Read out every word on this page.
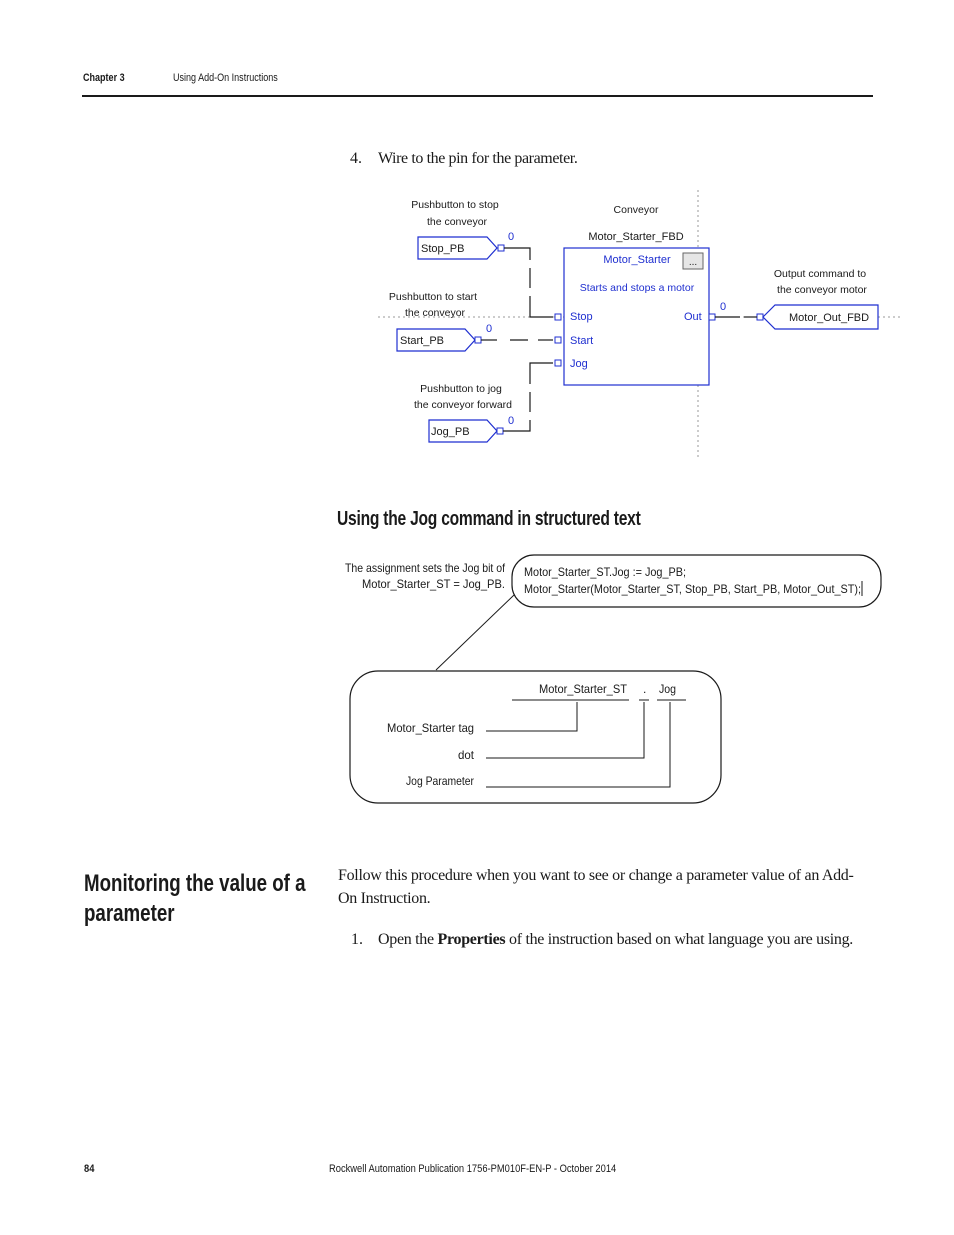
Chapter 3	Using Add-On Instructions
4. Wire to the pin for the parameter.
Pushbutton to stop
the conveyor
Stop_PB
0
Pushbutton to start
the conveyor
Start_PB
0
Pushbutton to jog
the conveyor forward
Jog_PB
0
Conveyor
Motor_Starter_FBD
Motor_Starter ...
Starts and stops a motor
Stop
Start
Jog
Out
0
Output command to
the conveyor motor
Motor_Out_FBD
Using the Jog command in structured text
The assignment sets the Jog bit of
Motor_Starter_ST = Jog_PB.
Motor_Starter_ST.Jog := Jog_PB;
Motor_Starter(Motor_Starter_ST, Stop_PB, Start_PB, Motor_Out_ST);
Motor_Starter_ST . Jog
Motor_Starter tag
dot
Jog Parameter
Monitoring the value of a parameter
Follow this procedure when you want to see or change a parameter value of an Add-On Instruction.
1. Open the Properties of the instruction based on what language you are using.
84	Rockwell Automation Publication 1756-PM010F-EN-P - October 2014
